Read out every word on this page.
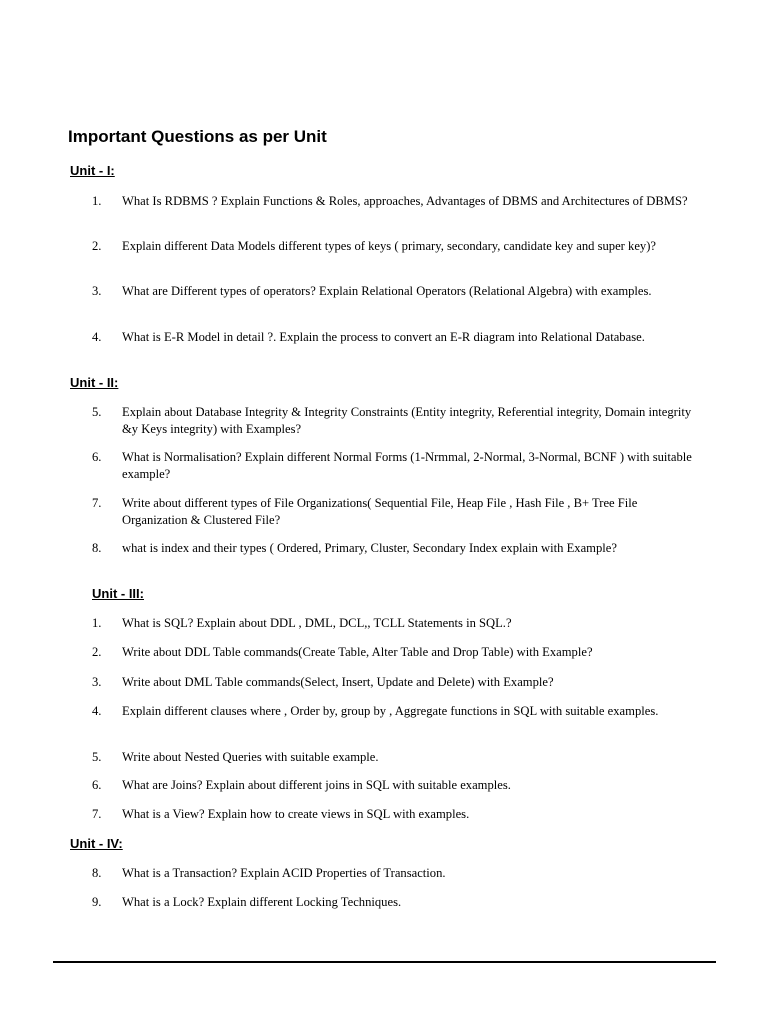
Important Questions as per Unit
Unit - I:
1. What Is RDBMS ? Explain Functions & Roles, approaches, Advantages of DBMS and Architectures of DBMS?
2. Explain different Data Models different types of keys ( primary, secondary, candidate key and super key)?
3. What are Different types of operators? Explain Relational Operators (Relational Algebra) with examples.
4. What is E-R Model in detail ?. Explain the process to convert an E-R diagram into Relational Database.
Unit - II:
5. Explain about Database Integrity & Integrity Constraints (Entity integrity, Referential integrity, Domain integrity &y Keys integrity) with Examples?
6. What is Normalisation? Explain different Normal Forms (1-Nrmmal, 2-Normal, 3-Normal, BCNF ) with suitable example?
7. Write about different types of File Organizations( Sequential File, Heap File , Hash File , B+ Tree File Organization & Clustered File?
8. what is index and their types ( Ordered, Primary, Cluster, Secondary Index explain with Example?
Unit - III:
1. What is SQL? Explain about DDL , DML, DCL,, TCLL Statements in SQL.?
2. Write about DDL Table commands(Create Table, Alter Table and Drop Table) with Example?
3. Write about DML Table commands(Select, Insert, Update and Delete) with Example?
4. Explain different clauses where , Order by, group by , Aggregate functions in SQL with suitable examples.
5. Write about Nested Queries with suitable example.
6. What are Joins? Explain about different joins in SQL with suitable examples.
7. What is a View? Explain how to create views in SQL with examples.
Unit - IV:
8. What is a Transaction? Explain ACID Properties of Transaction.
9. What is a Lock? Explain different Locking Techniques.
